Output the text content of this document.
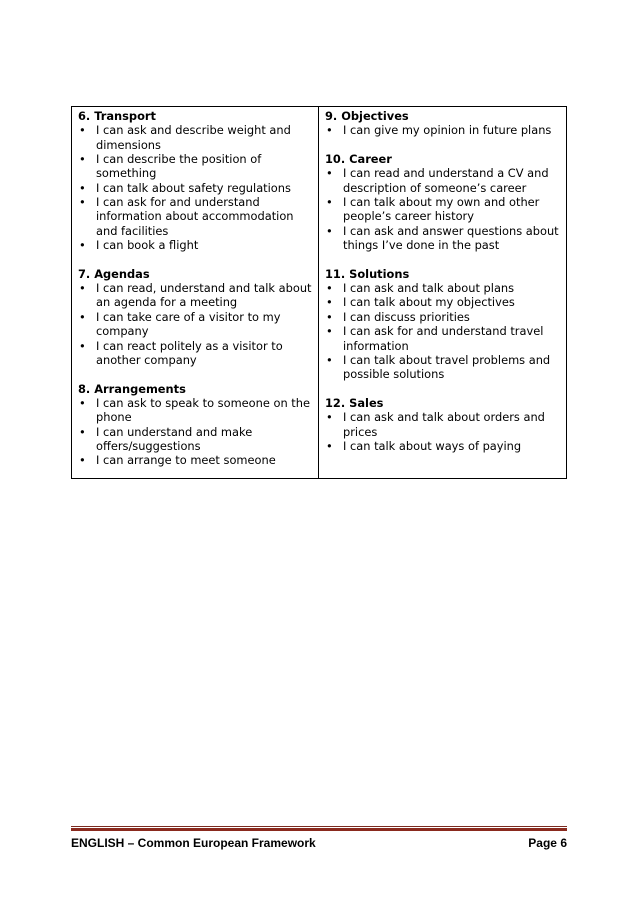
6. Transport
• I can ask and describe weight and dimensions
• I can describe the position of something
• I can talk about safety regulations
• I can ask for and understand information about accommodation and facilities
• I can book a flight
7. Agendas
• I can read, understand and talk about an agenda for a meeting
• I can take care of a visitor to my company
• I can react politely as a visitor to another company
8. Arrangements
• I can ask to speak to someone on the phone
• I can understand and make offers/suggestions
• I can arrange to meet someone
9. Objectives
• I can give my opinion in future plans
10. Career
• I can read and understand a CV and description of someone’s career
• I can talk about my own and other people’s career history
• I can ask and answer questions about things I’ve done in the past
11. Solutions
• I can ask and talk about plans
• I can talk about my objectives
• I can discuss priorities
• I can ask for and understand travel information
• I can talk about travel problems and possible solutions
12. Sales
• I can ask and talk about orders and prices
• I can talk about ways of paying
ENGLISH – Common European Framework	Page 6
